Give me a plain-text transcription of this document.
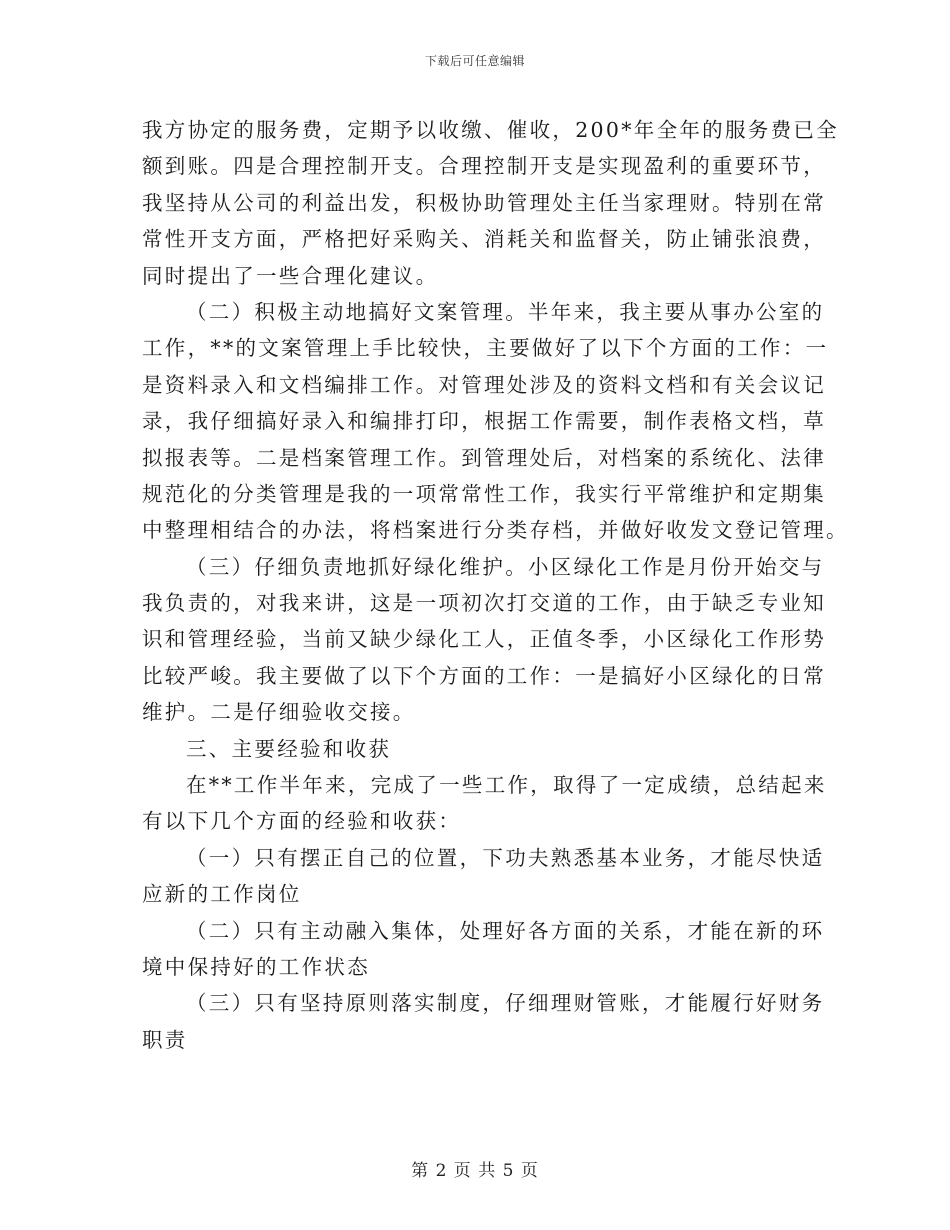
下载后可任意编辑
我方协定的服务费，定期予以收缴、催收，200*年全年的服务费已全
额到账。四是合理控制开支。合理控制开支是实现盈利的重要环节，
我坚持从公司的利益出发，积极协助管理处主任当家理财。特别在常
常性开支方面，严格把好采购关、消耗关和监督关，防止铺张浪费，
同时提出了一些合理化建议。
（二）积极主动地搞好文案管理。半年来，我主要从事办公室的
工作，**的文案管理上手比较快，主要做好了以下个方面的工作：一
是资料录入和文档编排工作。对管理处涉及的资料文档和有关会议记
录，我仔细搞好录入和编排打印，根据工作需要，制作表格文档，草
拟报表等。二是档案管理工作。到管理处后，对档案的系统化、法律
规范化的分类管理是我的一项常常性工作，我实行平常维护和定期集
中整理相结合的办法，将档案进行分类存档，并做好收发文登记管理。
（三）仔细负责地抓好绿化维护。小区绿化工作是月份开始交与
我负责的，对我来讲，这是一项初次打交道的工作，由于缺乏专业知
识和管理经验，当前又缺少绿化工人，正值冬季，小区绿化工作形势
比较严峻。我主要做了以下个方面的工作：一是搞好小区绿化的日常
维护。二是仔细验收交接。
三、主要经验和收获
在**工作半年来，完成了一些工作，取得了一定成绩，总结起来
有以下几个方面的经验和收获：
（一）只有摆正自己的位置，下功夫熟悉基本业务，才能尽快适
应新的工作岗位
（二）只有主动融入集体，处理好各方面的关系，才能在新的环
境中保持好的工作状态
（三）只有坚持原则落实制度，仔细理财管账，才能履行好财务
职责
第 2 页 共 5 页
